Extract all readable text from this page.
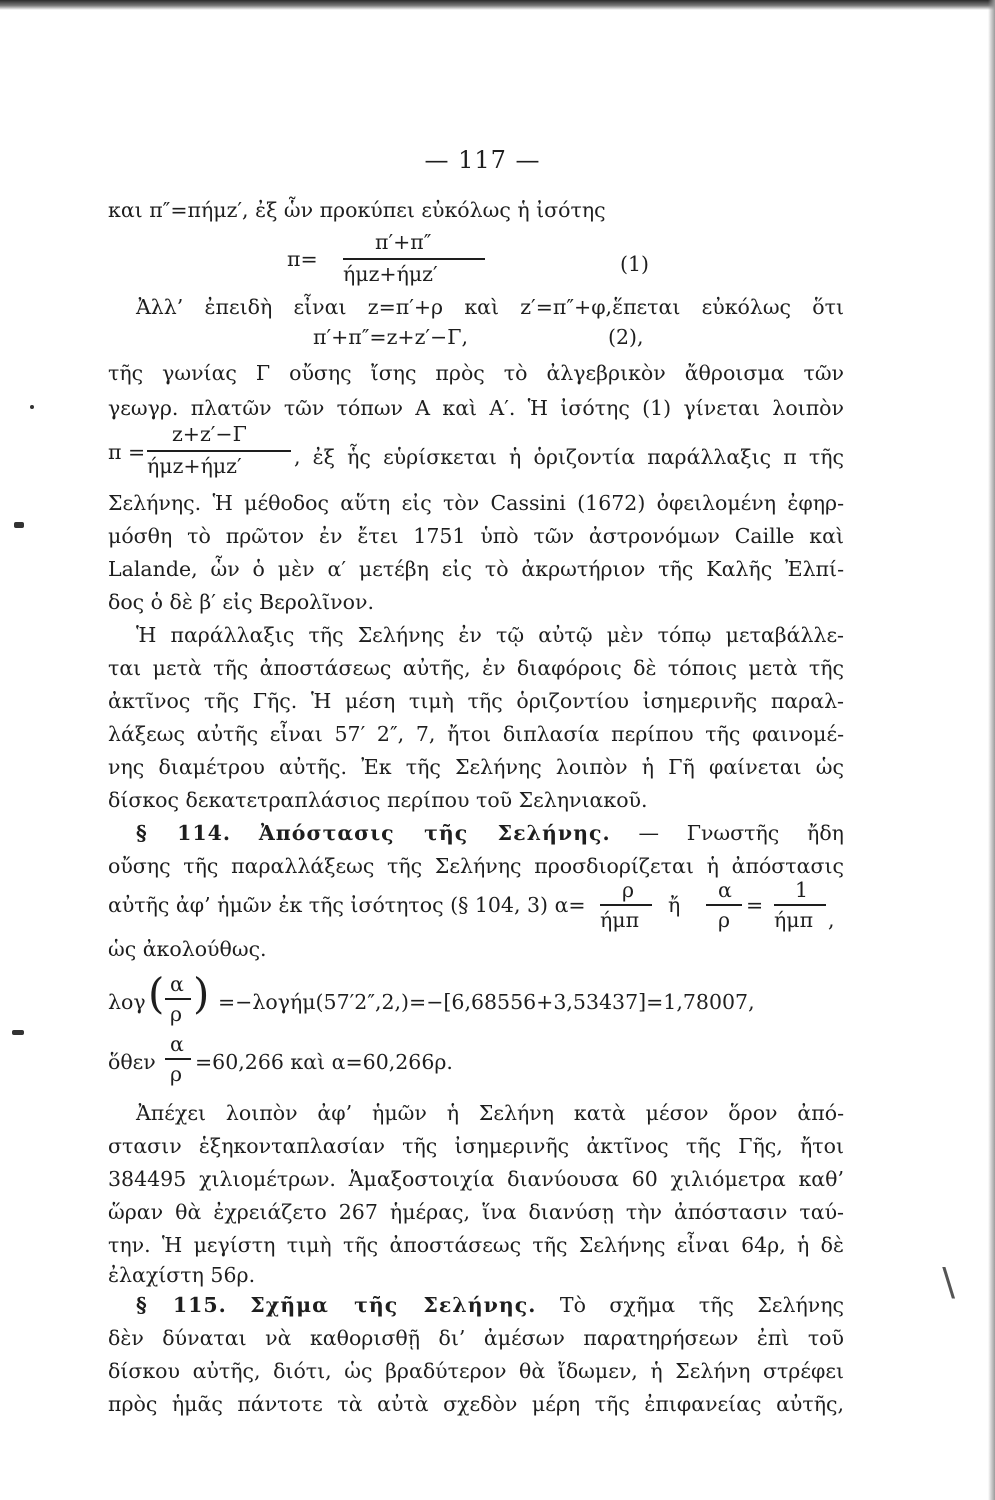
— 117 —
και π″=πήμz′, ἐξ ὧν προκύπει εὐκόλως ἡ ἰσότης
π=
π′+π″
ήμz+ήμz′	(1)
Ἀλλ’ ἐπειδὴ εἶναι z=π′+ρ καὶ z′=π″+φ,ἕπεται εὐκόλως ὅτι
π′+π″=z+z′−Γ,	(2),
τῆς γωνίας Γ οὔσης ἴσης πρὸς τὸ ἀλγεβρικὸν ἄθροισμα τῶν
γεωγρ. πλατῶν τῶν τόπων Α καὶ Α′. Ἡ ἰσότης (1) γίνεται λοιπὸν
π =
z+z′−Γ
ήμz+ήμz′	, ἐξ ἧς εὑρίσκεται ἡ ὁριζοντία παράλλαξις π τῆς
Σελήνης. Ἡ μέθοδος αὕτη εἰς τὸν Cassini (1672) ὀφειλομένη ἐφηρ-
μόσθη τὸ πρῶτον ἐν ἔτει 1751 ὑπὸ τῶν ἀστρονόμων Caille καὶ
Lalande, ὧν ὁ μὲν α′ μετέβη εἰς τὸ ἀκρωτήριον τῆς Καλῆς Ἐλπί-
δος ὁ δὲ β′ εἰς Βερολῖνον.
Ἡ παράλλαξις τῆς Σελήνης ἐν τῷ αὐτῷ μὲν τόπῳ μεταβάλλε-
ται μετὰ τῆς ἀποστάσεως αὐτῆς, ἐν διαφόροις δὲ τόποις μετὰ τῆς
ἀκτῖνος τῆς Γῆς. Ἡ μέση τιμὴ τῆς ὁριζοντίου ἰσημερινῆς παραλ-
λάξεως αὐτῆς εἶναι 57′ 2″, 7, ἤτοι διπλασία περίπου τῆς φαινομέ-
νης διαμέτρου αὐτῆς. Ἐκ τῆς Σελήνης λοιπὸν ἡ Γῆ φαίνεται ὡς
δίσκος δεκατετραπλάσιος περίπου τοῦ Σεληνιακοῦ.
§ 114. Ἀπόστασις τῆς Σελήνης. — Γνωστῆς ἤδη
οὔσης τῆς παραλλάξεως τῆς Σελήνης προσδιορίζεται ἡ ἀπόστασις
αὐτῆς ἀφ’ ἡμῶν ἐκ τῆς ἰσότητος (§ 104, 3) α=
ρ
ήμπ
ἤ
α
ρ
=
1
ήμπ ,
ὡς ἀκολούθως.
λογ ( α
ρ ) =−λογήμ(57′2″,2,)=−[6,68556+3,53437]=1,78007,
ὅθεν
α
ρ =60,266 καὶ α=60,266ρ.
Ἀπέχει λοιπὸν ἀφ’ ἡμῶν ἡ Σελήνη κατὰ μέσον ὅρον ἀπό-
στασιν ἑξηκονταπλασίαν τῆς ἰσημερινῆς ἀκτῖνος τῆς Γῆς, ἤτοι
384495 χιλιομέτρων. Ἁμαξοστοιχία διανύουσα 60 χιλιόμετρα καθ’
ὥραν θὰ ἐχρειάζετο 267 ἡμέρας, ἵνα διανύσῃ τὴν ἀπόστασιν ταύ-
την. Ἡ μεγίστη τιμὴ τῆς ἀποστάσεως τῆς Σελήνης εἶναι 64ρ, ἡ δὲ
ἐλαχίστη 56ρ.
§ 115. Σχῆμα τῆς Σελήνης. Τὸ σχῆμα τῆς Σελήνης
δὲν δύναται νὰ καθορισθῇ δι’ ἀμέσων παρατηρήσεων ἐπὶ τοῦ
δίσκου αὐτῆς, διότι, ὡς βραδύτερον θὰ ἴδωμεν, ἡ Σελήνη στρέφει
πρὸς ἡμᾶς πάντοτε τὰ αὐτὰ σχεδὸν μέρη τῆς ἐπιφανείας αὐτῆς,
\
